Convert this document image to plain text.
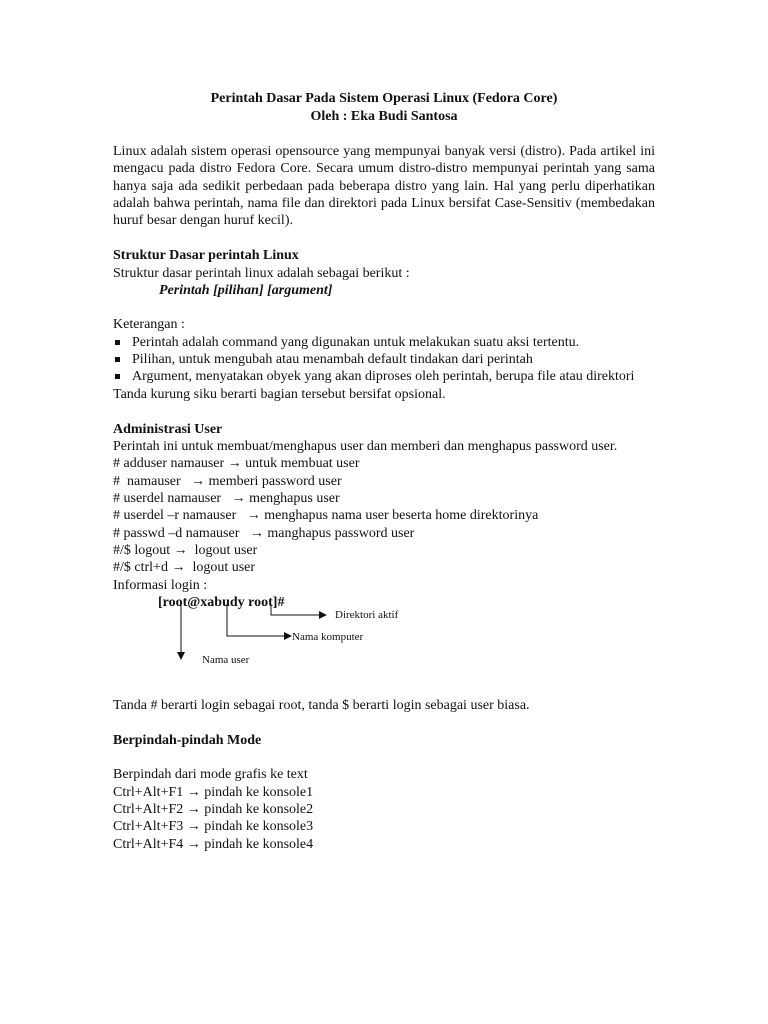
Perintah Dasar Pada Sistem Operasi Linux (Fedora Core)

Oleh : Eka Budi Santosa

Linux adalah sistem operasi opensource yang mempunyai banyak versi (distro). Pada artikel ini mengacu pada distro Fedora Core. Secara umum distro-distro mempunyai perintah yang sama hanya saja ada sedikit perbedaan pada beberapa distro yang lain. Hal yang perlu diperhatikan adalah bahwa perintah, nama file dan direktori pada Linux bersifat Case-Sensitiv (membedakan huruf besar dengan huruf kecil).

Struktur Dasar perintah Linux

Struktur dasar perintah linux adalah sebagai berikut :

Perintah [pilihan] [argument]

Keterangan :

Perintah adalah command yang digunakan untuk melakukan suatu aksi tertentu.
Pilihan, untuk mengubah atau menambah default tindakan dari perintah
Argument, menyatakan obyek yang akan diproses oleh perintah, berupa file atau direktori

Tanda kurung siku berarti bagian tersebut bersifat opsional.

Administrasi User

Perintah ini untuk membuat/menghapus user dan memberi dan menghapus password user.

# adduser namauser → untuk membuat user

#  namauser   → memberi password user

# userdel namauser   → menghapus user

# userdel –r namauser   → menghapus nama user beserta home direktorinya

# passwd –d namauser   → manghapus password user

#/$ logout →  logout user

#/$ ctrl+d →  logout user

Informasi login :

[root@xabudy root]#

Direktori aktif

Nama komputer

Nama user

Tanda # berarti login sebagai root, tanda $ berarti login sebagai user biasa.

Berpindah-pindah Mode

Berpindah dari mode grafis ke text

Ctrl+Alt+F1 → pindah ke konsole1

Ctrl+Alt+F2 → pindah ke konsole2

Ctrl+Alt+F3 → pindah ke konsole3

Ctrl+Alt+F4 → pindah ke konsole4
